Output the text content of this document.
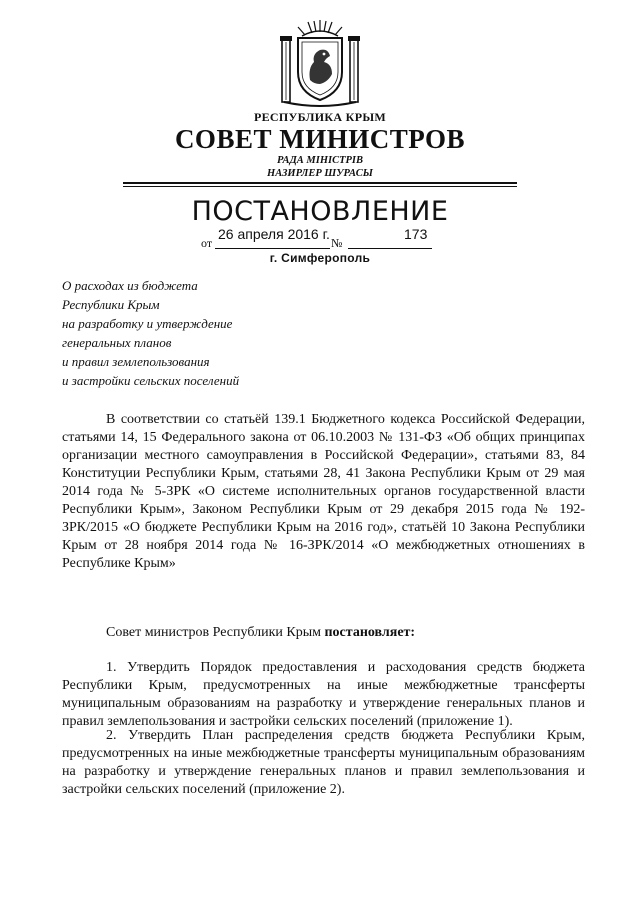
РЕСПУБЛИКА КРЫМ
СОВЕТ МИНИСТРОВ
РАДА МІНІСТРІВ
НАЗИРЛЕР ШУРАСЫ
ПОСТАНОВЛЕНИЕ
от
26 апреля 2016 г.
№
173
г. Симферополь
О расходах из бюджета
Республики Крым
на разработку и утверждение
генеральных планов
и правил землепользования
и застройки сельских поселений
В соответствии со статьёй 139.1 Бюджетного кодекса Российской Федерации, статьями 14, 15 Федерального закона от 06.10.2003 № 131-ФЗ «Об общих принципах организации местного самоуправления в Российской Федерации», статьями 83, 84 Конституции Республики Крым, статьями 28, 41 Закона Республики Крым от 29 мая 2014 года № 5-ЗРК «О системе исполнительных органов государственной власти Республики Крым», Законом Республики Крым от 29 декабря 2015 года № 192-ЗРК/2015 «О бюджете Республики Крым на 2016 год», статьёй 10 Закона Республики Крым от 28 ноября 2014 года № 16-ЗРК/2014 «О межбюджетных отношениях в Республике Крым»
Совет министров Республики Крым постановляет:
1. Утвердить Порядок предоставления и расходования средств бюджета Республики Крым, предусмотренных на иные межбюджетные трансферты муниципальным образованиям на разработку и утверждение генеральных планов и правил землепользования и застройки сельских поселений (приложение 1).
2. Утвердить План распределения средств бюджета Республики Крым, предусмотренных на иные межбюджетные трансферты муниципальным образованиям на разработку и утверждение генеральных планов и правил землепользования и застройки сельских поселений (приложение 2).
